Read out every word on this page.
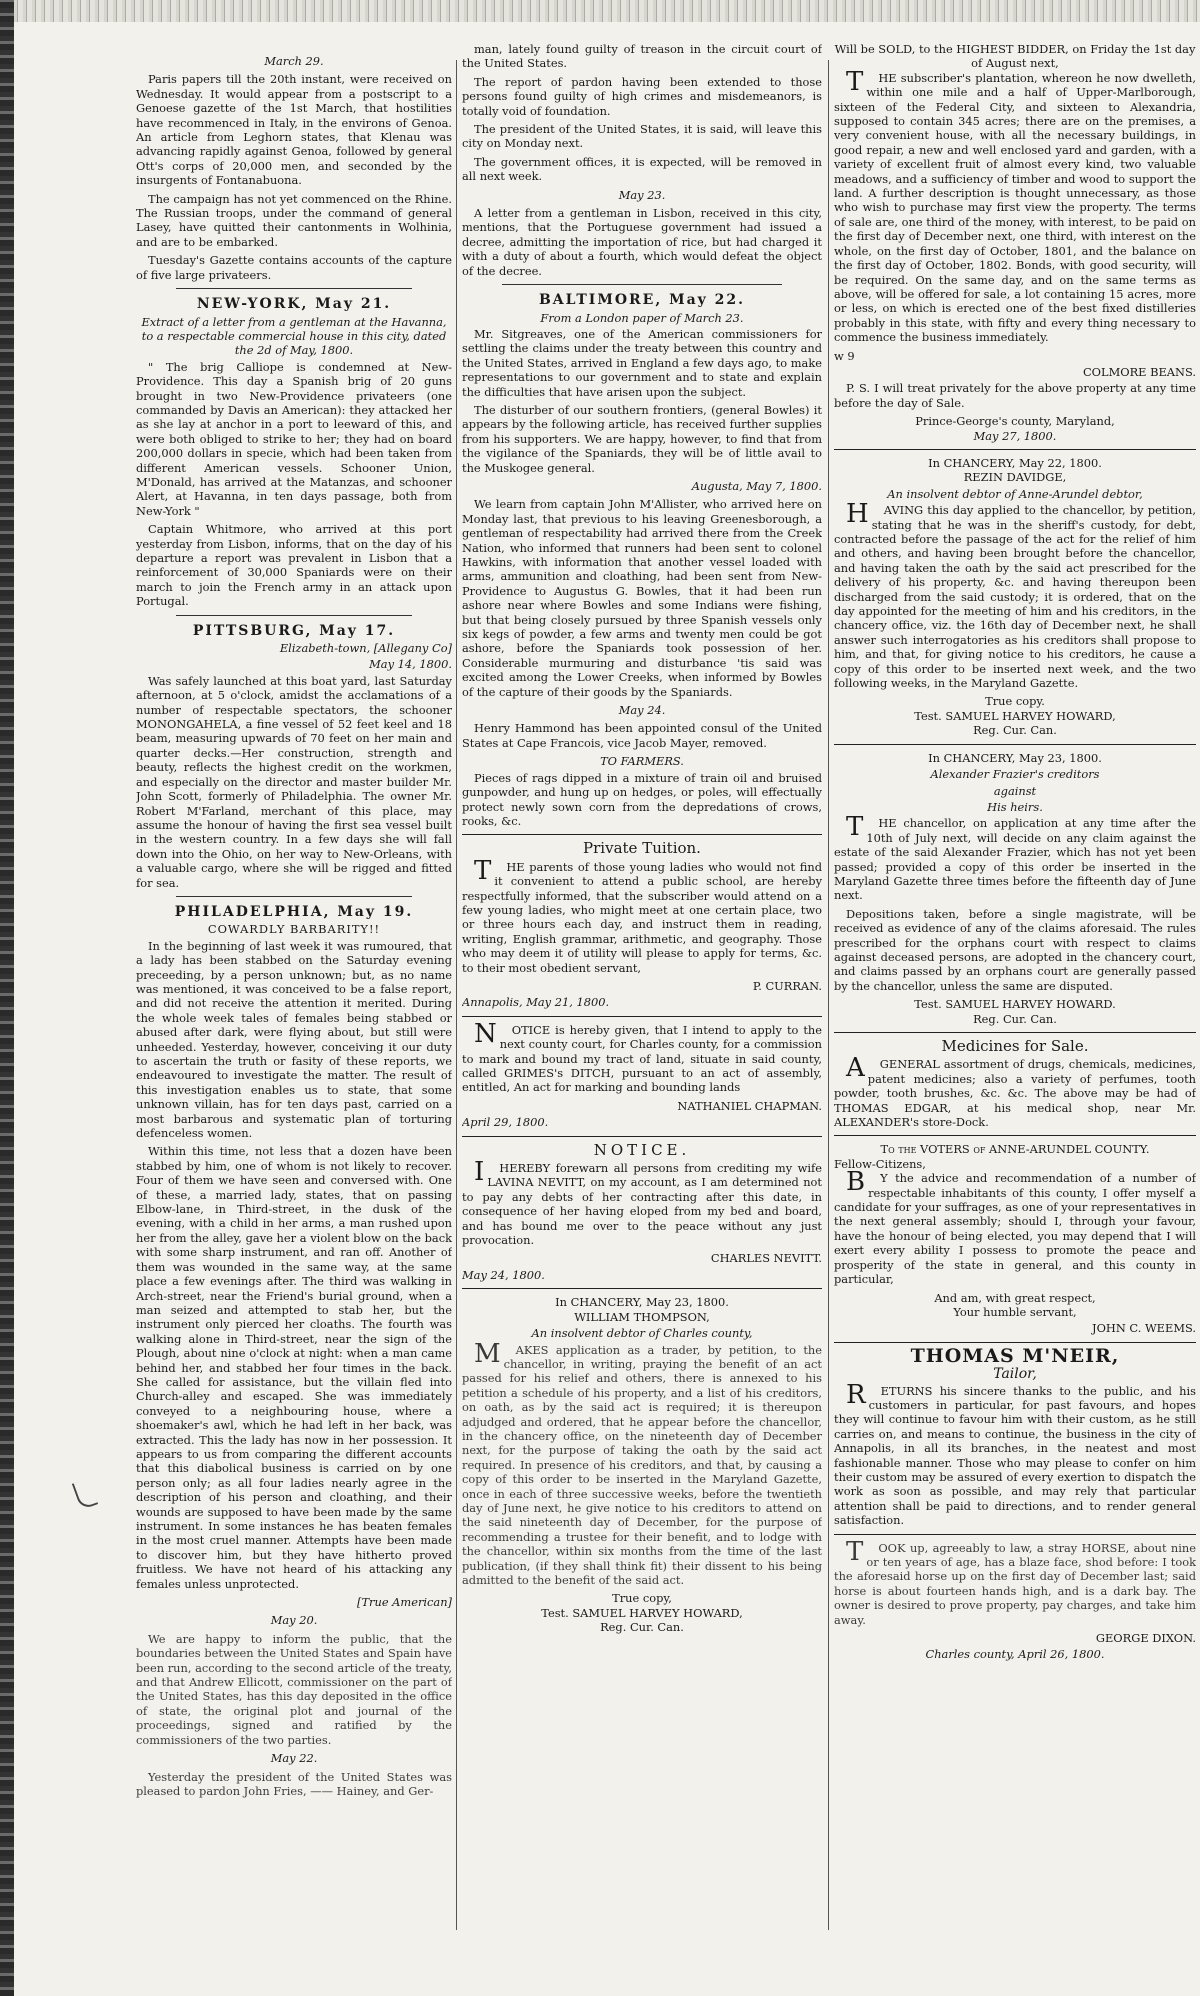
March 29.

Paris papers till the 20th instant, were received on Wednesday. It would appear from a postscript to a Genoese gazette of the 1st March, that hostilities have recommenced in Italy, in the environs of Genoa. An article from Leghorn states, that Klenau was advancing rapidly against Genoa, followed by general Ott's corps of 20,000 men, and seconded by the insurgents of Fontanabuona.

The campaign has not yet commenced on the Rhine. The Russian troops, under the command of general Lasey, have quitted their cantonments in Wolhinia, and are to be embarked.

Tuesday's Gazette contains accounts of the capture of five large privateers.

NEW-YORK, May 21.
Extract of a letter from a gentleman at the Havanna, to a respectable commercial house in this city, dated the 2d of May, 1800.

" The brig Calliope is condemned at New-Providence. This day a Spanish brig of 20 guns brought in two New-Providence privateers (one commanded by Davis an American): they attacked her as she lay at anchor in a port to leeward of this, and were both obliged to strike to her; they had on board 200,000 dollars in specie, which had been taken from different American vessels. Schooner Union, M'Donald, has arrived at the Matanzas, and schooner Alert, at Havanna, in ten days passage, both from New-York "

Captain Whitmore, who arrived at this port yesterday from Lisbon, informs, that on the day of his departure a report was prevalent in Lisbon that a reinforcement of 30,000 Spaniards were on their march to join the French army in an attack upon Portugal.

PITTSBURG, May 17.
Elizabeth-town, [Allegany Co]
May 14, 1800.

Was safely launched at this boat yard, last Saturday afternoon, at 5 o'clock, amidst the acclamations of a number of respectable spectators, the schooner MONONGAHELA, a fine vessel of 52 feet keel and 18 beam, measuring upwards of 70 feet on her main and quarter decks.—Her construction, strength and beauty, reflects the highest credit on the workmen, and especially on the director and master builder Mr. John Scott, formerly of Philadelphia. The owner Mr. Robert M'Farland, merchant of this place, may assume the honour of having the first sea vessel built in the western country. In a few days she will fall down into the Ohio, on her way to New-Orleans, with a valuable cargo, where she will be rigged and fitted for sea.

PHILADELPHIA, May 19.
COWARDLY BARBARITY!!

In the beginning of last week it was rumoured, that a lady has been stabbed on the Saturday evening preceeding, by a person unknown; but, as no name was mentioned, it was conceived to be a false report, and did not receive the attention it merited. During the whole week tales of females being stabbed or abused after dark, were flying about, but still were unheeded. Yesterday, however, conceiving it our duty to ascertain the truth or fasity of these reports, we endeavoured to investigate the matter. The result of this investigation enables us to state, that some unknown villain, has for ten days past, carried on a most barbarous and systematic plan of torturing defenceless women.

Within this time, not less that a dozen have been stabbed by him, one of whom is not likely to recover. Four of them we have seen and conversed with. One of these, a married lady, states, that on passing Elbow-lane, in Third-street, in the dusk of the evening, with a child in her arms, a man rushed upon her from the alley, gave her a violent blow on the back with some sharp instrument, and ran off. Another of them was wounded in the same way, at the same place a few evenings after. The third was walking in Arch-street, near the Friend's burial ground, when a man seized and attempted to stab her, but the instrument only pierced her cloaths. The fourth was walking alone in Third-street, near the sign of the Plough, about nine o'clock at night: when a man came behind her, and stabbed her four times in the back. She called for assistance, but the villain fled into Church-alley and escaped. She was immediately conveyed to a neighbouring house, where a shoemaker's awl, which he had left in her back, was extracted. This the lady has now in her possession. It appears to us from comparing the different accounts that this diabolical business is carried on by one person only; as all four ladies nearly agree in the description of his person and cloathing, and their wounds are supposed to have been made by the same instrument. In some instances he has beaten females in the most cruel manner. Attempts have been made to discover him, but they have hitherto proved fruitless. We have not heard of his attacking any females unless unprotected.

[True American]
May 20.

We are happy to inform the public, that the boundaries between the United States and Spain have been run, according to the second article of the treaty, and that Andrew Ellicott, commissioner on the part of the United States, has this day deposited in the office of state, the original plot and journal of the proceedings, signed and ratified by the commissioners of the two parties.

May 22.

Yesterday the president of the United States was pleased to pardon John Fries, —— Hainey, and Ger-

man, lately found guilty of treason in the circuit court of the United States.

The report of pardon having been extended to those persons found guilty of high crimes and misdemeanors, is totally void of foundation.

The president of the United States, it is said, will leave this city on Monday next.

The government offices, it is expected, will be removed in all next week.

May 23.

A letter from a gentleman in Lisbon, received in this city, mentions, that the Portuguese government had issued a decree, admitting the importation of rice, but had charged it with a duty of about a fourth, which would defeat the object of the decree.

BALTIMORE, May 22.
From a London paper of March 23.

Mr. Sitgreaves, one of the American commissioners for settling the claims under the treaty between this country and the United States, arrived in England a few days ago, to make representations to our government and to state and explain the difficulties that have arisen upon the subject.

The disturber of our southern frontiers, (general Bowles) it appears by the following article, has received further supplies from his supporters. We are happy, however, to find that from the vigilance of the Spaniards, they will be of little avail to the Muskogee general.

Augusta, May 7, 1800.

We learn from captain John M'Allister, who arrived here on Monday last, that previous to his leaving Greenesborough, a gentleman of respectability had arrived there from the Creek Nation, who informed that runners had been sent to colonel Hawkins, with information that another vessel loaded with arms, ammunition and cloathing, had been sent from New-Providence to Augustus G. Bowles, that it had been run ashore near where Bowles and some Indians were fishing, but that being closely pursued by three Spanish vessels only six kegs of powder, a few arms and twenty men could be got ashore, before the Spaniards took possession of her. Considerable murmuring and disturbance 'tis said was excited among the Lower Creeks, when informed by Bowles of the capture of their goods by the Spaniards.

May 24.

Henry Hammond has been appointed consul of the United States at Cape Francois, vice Jacob Mayer, removed.

TO FARMERS.

Pieces of rags dipped in a mixture of train oil and bruised gunpowder, and hung up on hedges, or poles, will effectually protect newly sown corn from the depredations of crows, rooks, &c.

Private Tuition.

THE parents of those young ladies who would not find it convenient to attend a public school, are hereby respectfully informed, that the subscriber would attend on a few young ladies, who might meet at one certain place, two or three hours each day, and instruct them in reading, writing, English grammar, arithmetic, and geography. Those who may deem it of utility will please to apply for terms, &c. to their most obedient servant,

P. CURRAN.
Annapolis, May 21, 1800.

NOTICE is hereby given, that I intend to apply to the next county court, for Charles county, for a commission to mark and bound my tract of land, situate in said county, called GRIMES's DITCH, pursuant to an act of assembly, entitled, An act for marking and bounding lands

NATHANIEL CHAPMAN.
April 29, 1800.
NOTICE.

IHEREBY forewarn all persons from crediting my wife LAVINA NEVITT, on my account, as I am determined not to pay any debts of her contracting after this date, in consequence of her having eloped from my bed and board, and has bound me over to the peace without any just provocation.

CHARLES NEVITT.
May 24, 1800.
In CHANCERY, May 23, 1800.
WILLIAM THOMPSON,
An insolvent debtor of Charles county,

MAKES application as a trader, by petition, to the chancellor, in writing, praying the benefit of an act passed for his relief and others, there is annexed to his petition a schedule of his property, and a list of his creditors, on oath, as by the said act is required; it is thereupon adjudged and ordered, that he appear before the chancellor, in the chancery office, on the nineteenth day of December next, for the purpose of taking the oath by the said act required. In presence of his creditors, and that, by causing a copy of this order to be inserted in the Maryland Gazette, once in each of three successive weeks, before the twentieth day of June next, he give notice to his creditors to attend on the said nineteenth day of December, for the purpose of recommending a trustee for their benefit, and to lodge with the chancellor, within six months from the time of the last publication, (if they shall think fit) their dissent to his being admitted to the benefit of the said act.

True copy,
Test. SAMUEL HARVEY HOWARD,
Reg. Cur. Can.
Will be SOLD, to the HIGHEST BIDDER, on Friday the 1st day of August next,

THE subscriber's plantation, whereon he now dwelleth, within one mile and a half of Upper-Marlborough, sixteen of the Federal City, and sixteen to Alexandria, supposed to contain 345 acres; there are on the premises, a very convenient house, with all the necessary buildings, in good repair, a new and well enclosed yard and garden, with a variety of excellent fruit of almost every kind, two valuable meadows, and a sufficiency of timber and wood to support the land. A further description is thought unnecessary, as those who wish to purchase may first view the property. The terms of sale are, one third of the money, with interest, to be paid on the first day of December next, one third, with interest on the whole, on the first day of October, 1801, and the balance on the first day of October, 1802. Bonds, with good security, will be required. On the same day, and on the same terms as above, will be offered for sale, a lot containing 15 acres, more or less, on which is erected one of the best fixed distilleries probably in this state, with fifty and every thing necessary to commence the business immediately.

w 9
COLMORE BEANS.

P. S. I will treat privately for the above property at any time before the day of Sale.

Prince-George's county, Maryland,
May 27, 1800.
In CHANCERY, May 22, 1800.
REZIN DAVIDGE,
An insolvent debtor of Anne-Arundel debtor,

HAVING this day applied to the chancellor, by petition, stating that he was in the sheriff's custody, for debt, contracted before the passage of the act for the relief of him and others, and having been brought before the chancellor, and having taken the oath by the said act prescribed for the delivery of his property, &c. and having thereupon been discharged from the said custody; it is ordered, that on the day appointed for the meeting of him and his creditors, in the chancery office, viz. the 16th day of December next, he shall answer such interrogatories as his creditors shall propose to him, and that, for giving notice to his creditors, he cause a copy of this order to be inserted next week, and the two following weeks, in the Maryland Gazette.

True copy.
Test. SAMUEL HARVEY HOWARD,
Reg. Cur. Can.
In CHANCERY, May 23, 1800.
Alexander Frazier's creditors
against
His heirs.

THE chancellor, on application at any time after the 10th of July next, will decide on any claim against the estate of the said Alexander Frazier, which has not yet been passed; provided a copy of this order be inserted in the Maryland Gazette three times before the fifteenth day of June next.

Depositions taken, before a single magistrate, will be received as evidence of any of the claims aforesaid. The rules prescribed for the orphans court with respect to claims against deceased persons, are adopted in the chancery court, and claims passed by an orphans court are generally passed by the chancellor, unless the same are disputed.

Test. SAMUEL HARVEY HOWARD.
Reg. Cur. Can.
Medicines for Sale.

AGENERAL assortment of drugs, chemicals, medicines, patent medicines; also a variety of perfumes, tooth powder, tooth brushes, &c. &c. The above may be had of THOMAS EDGAR, at his medical shop, near Mr. ALEXANDER's store-Dock.

To the VOTERS of ANNE-ARUNDEL COUNTY.
Fellow-Citizens,

BY the advice and recommendation of a number of respectable inhabitants of this county, I offer myself a candidate for your suffrages, as one of your representatives in the next general assembly; should I, through your favour, have the honour of being elected, you may depend that I will exert every ability I possess to promote the peace and prosperity of the state in general, and this county in particular,

And am, with great respect,
Your humble servant,
JOHN C. WEEMS.
THOMAS M'NEIR,
Tailor,

RETURNS his sincere thanks to the public, and his customers in particular, for past favours, and hopes they will continue to favour him with their custom, as he still carries on, and means to continue, the business in the city of Annapolis, in all its branches, in the neatest and most fashionable manner. Those who may please to confer on him their custom may be assured of every exertion to dispatch the work as soon as possible, and may rely that particular attention shall be paid to directions, and to render general satisfaction.

TOOK up, agreeably to law, a stray HORSE, about nine or ten years of age, has a blaze face, shod before: I took the aforesaid horse up on the first day of December last; said horse is about fourteen hands high, and is a dark bay. The owner is desired to prove property, pay charges, and take him away.

GEORGE DIXON.
Charles county, April 26, 1800.
